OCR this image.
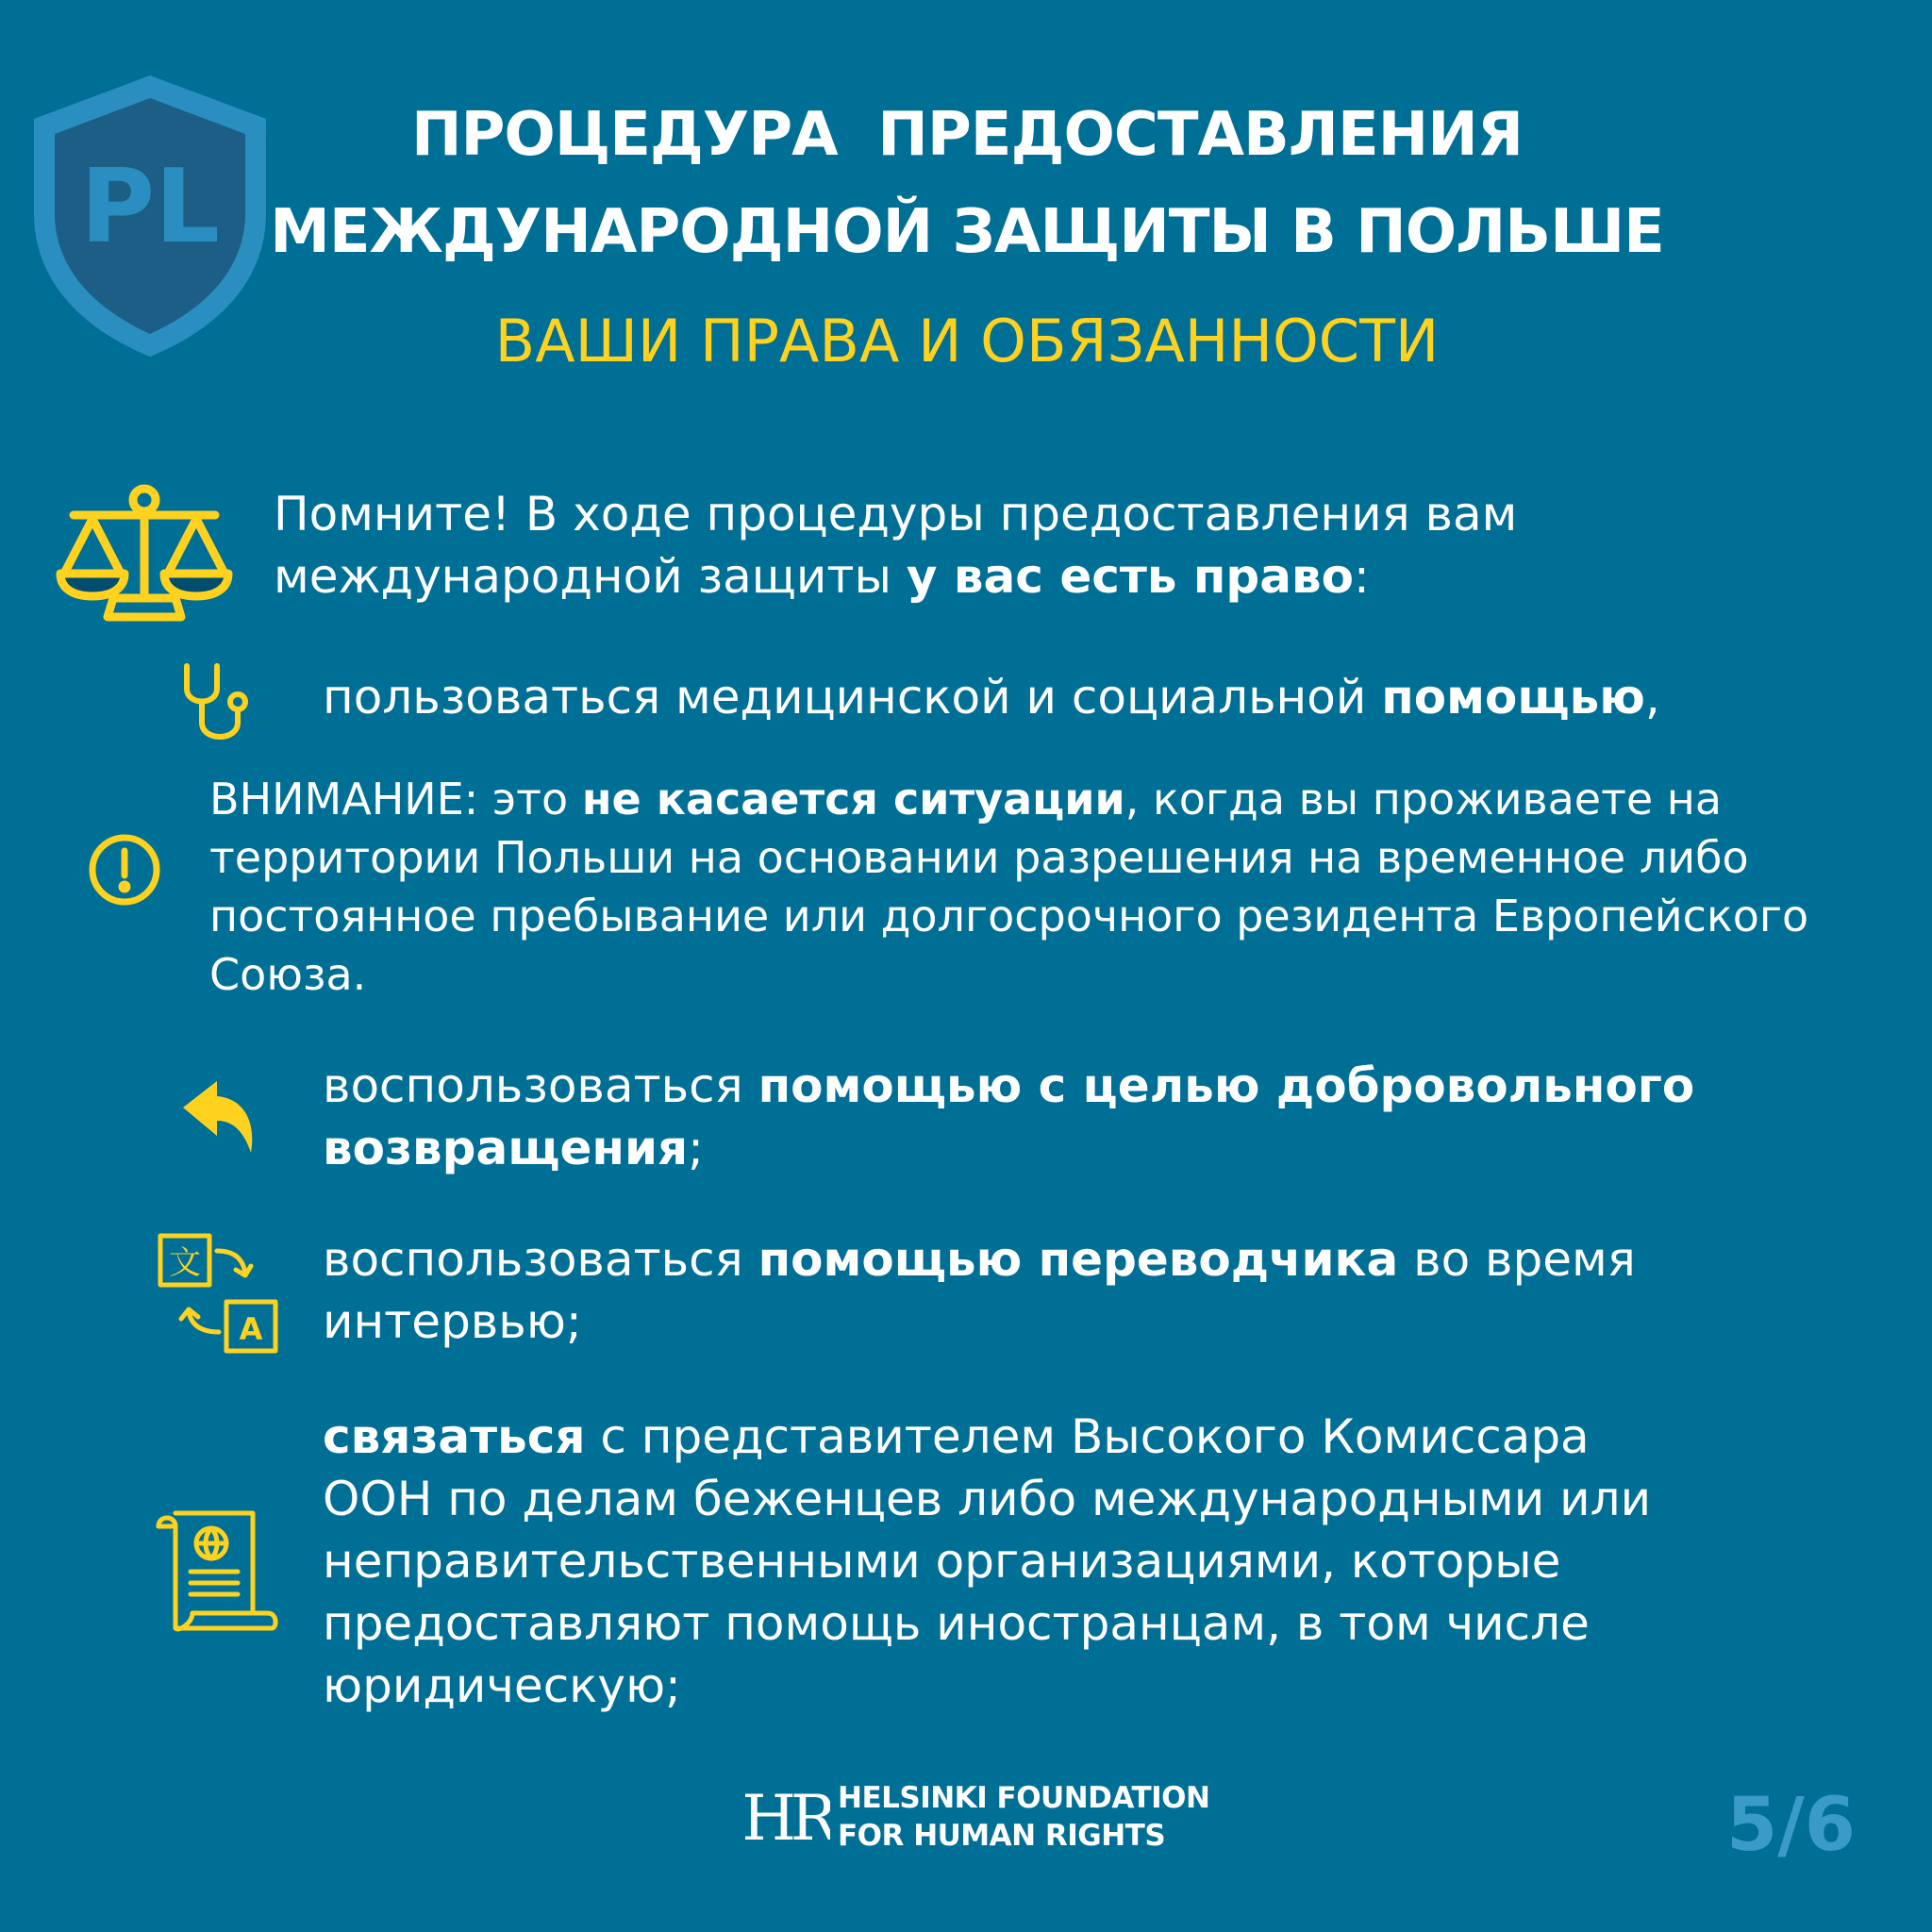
PL
ПРОЦЕДУРА  ПРЕДОСТАВЛЕНИЯ
МЕЖДУНАРОДНОЙ ЗАЩИТЫ В ПОЛЬШЕ
ВАШИ ПРАВА И ОБЯЗАННОСТИ
Помните! В ходе процедуры предоставления вам
международной защиты у вас есть право:
пользоваться медицинской и социальной помощью,
ВНИМАНИЕ: это не касается ситуации, когда вы проживаете на
территории Польши на основании разрешения на временное либо
постоянное пребывание или долгосрочного резидента Европейского
Союза.
воспользоваться помощью с целью добровольного
возвращения;
文
A
воспользоваться помощью переводчика во время
интервью;
связаться с представителем Высокого Комиссара
ООН по делам беженцев либо международными или
неправительственными организациями, которые
предоставляют помощь иностранцам, в том числе
юридическую;
HR HELSINKI FOUNDATION
FOR HUMAN RIGHTS	5/6
